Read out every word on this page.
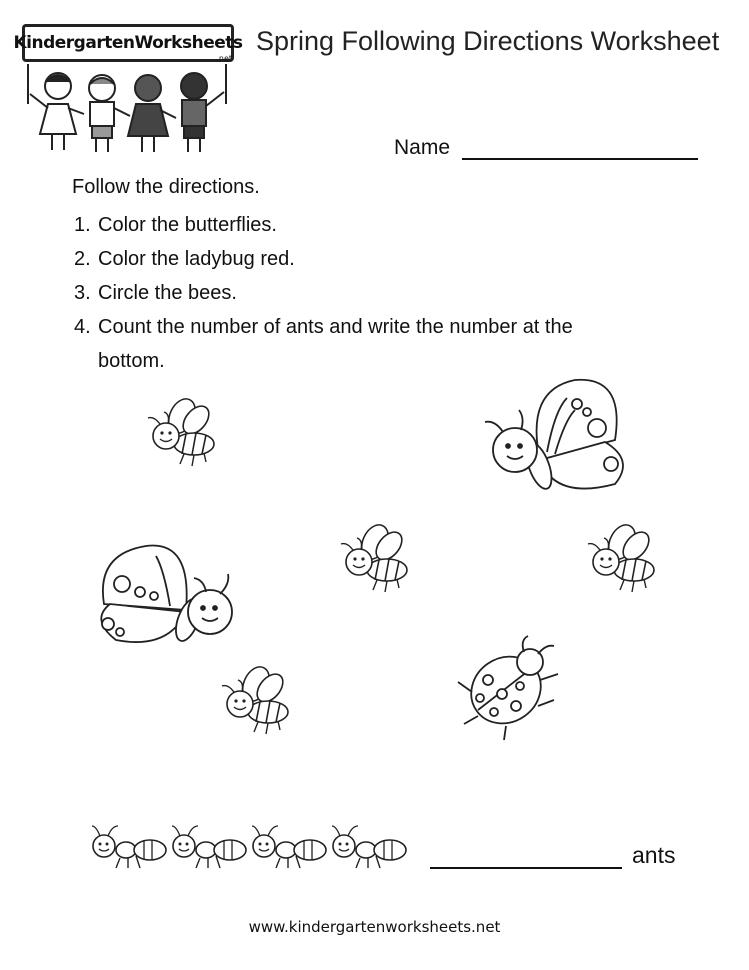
KindergartenWorksheets
.net
Spring Following Directions Worksheet
Name
Follow the directions.
1. Color the butterflies.
2. Color the ladybug red.
3. Circle the bees.
4. Count the number of ants and write the number at the bottom.
ants
www.kindergartenworksheets.net
